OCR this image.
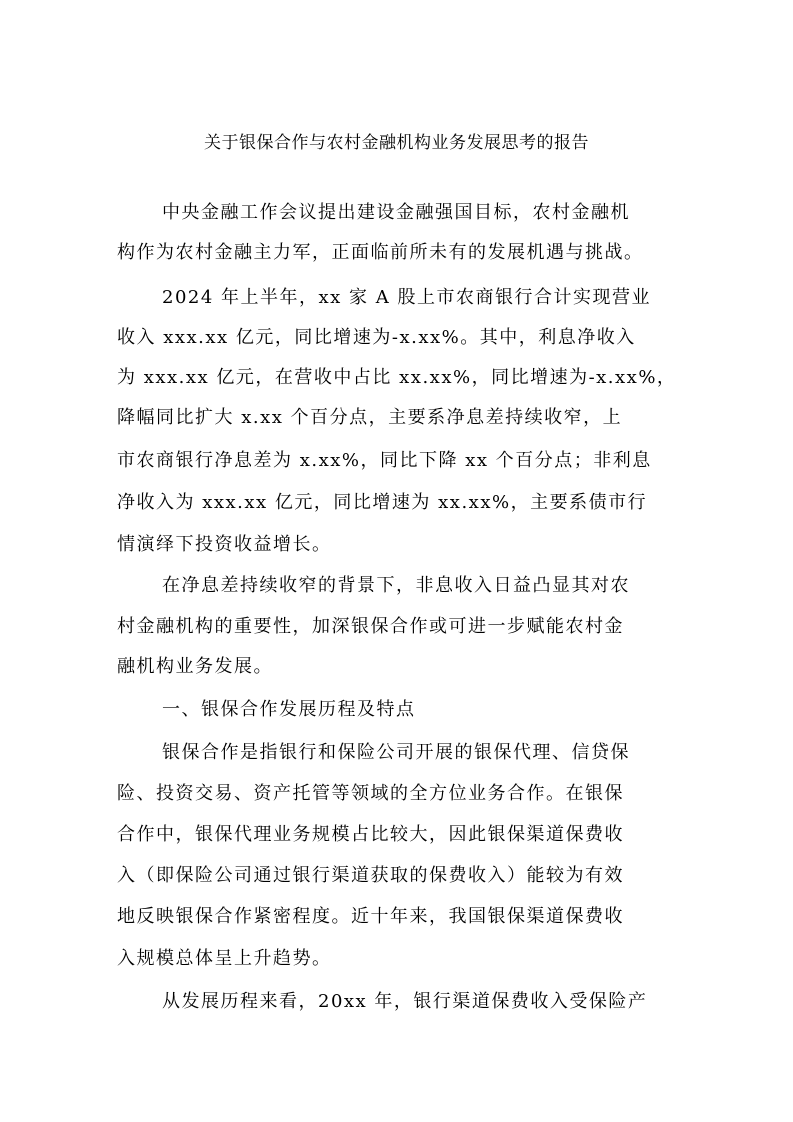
关于银保合作与农村金融机构业务发展思考的报告
中央金融工作会议提出建设金融强国目标，农村金融机
构作为农村金融主力军，正面临前所未有的发展机遇与挑战。
2024 年上半年，xx 家 A 股上市农商银行合计实现营业
收入 xxx.xx 亿元，同比增速为-x.xx%。其中，利息净收入
为 xxx.xx 亿元，在营收中占比 xx.xx%，同比增速为-x.xx%，
降幅同比扩大 x.xx 个百分点，主要系净息差持续收窄，上
市农商银行净息差为 x.xx%，同比下降 xx 个百分点；非利息
净收入为 xxx.xx 亿元，同比增速为 xx.xx%，主要系债市行
情演绎下投资收益增长。
在净息差持续收窄的背景下，非息收入日益凸显其对农
村金融机构的重要性，加深银保合作或可进一步赋能农村金
融机构业务发展。
一、银保合作发展历程及特点
银保合作是指银行和保险公司开展的银保代理、信贷保
险、投资交易、资产托管等领域的全方位业务合作。在银保
合作中，银保代理业务规模占比较大，因此银保渠道保费收
入（即保险公司通过银行渠道获取的保费收入）能较为有效
地反映银保合作紧密程度。近十年来，我国银保渠道保费收
入规模总体呈上升趋势。
从发展历程来看，20xx 年，银行渠道保费收入受保险产
